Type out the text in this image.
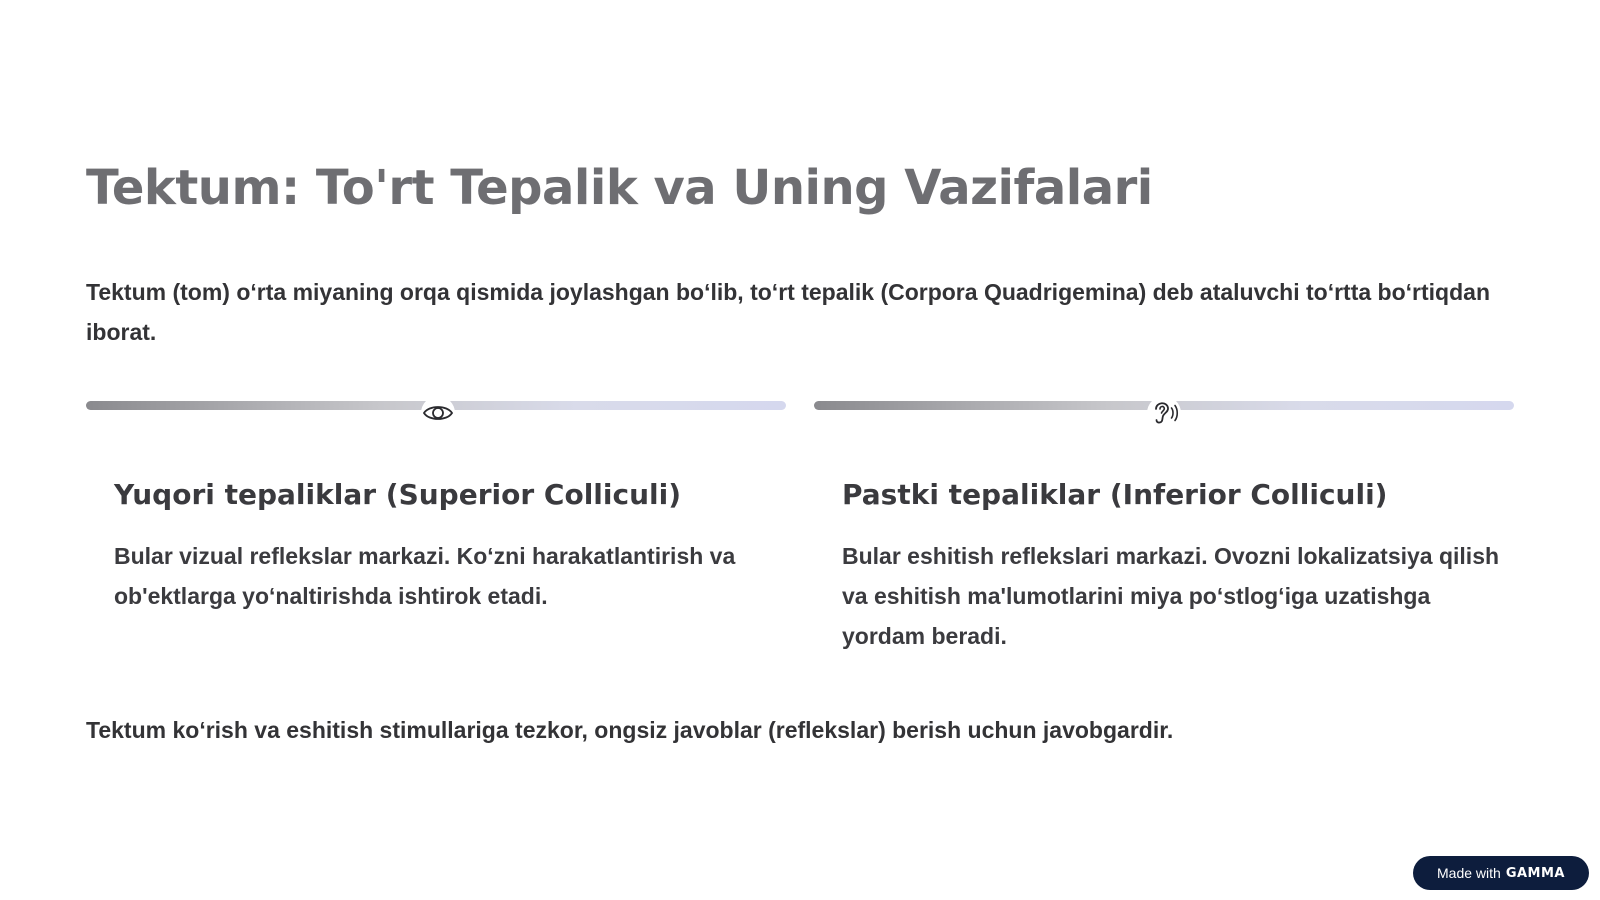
Tektum: To'rt Tepalik va Uning Vazifalari

Tektum (tom) oʻrta miyaning orqa qismida joylashgan boʻlib, toʻrt tepalik (Corpora Quadrigemina) deb ataluvchi toʻrtta boʻrtiqdan iborat.

Yuqori tepaliklar (Superior Colliculi)

Bular vizual reflekslar markazi. Koʻzni harakatlantirish va ob'ektlarga yoʻnaltirishda ishtirok etadi.

Pastki tepaliklar (Inferior Colliculi)

Bular eshitish reflekslari markazi. Ovozni lokalizatsiya qilish va eshitish ma'lumotlarini miya poʻstlogʻiga uzatishga yordam beradi.

Tektum koʻrish va eshitish stimullariga tezkor, ongsiz javoblar (reflekslar) berish uchun javobgardir.

Made with GAMMA
